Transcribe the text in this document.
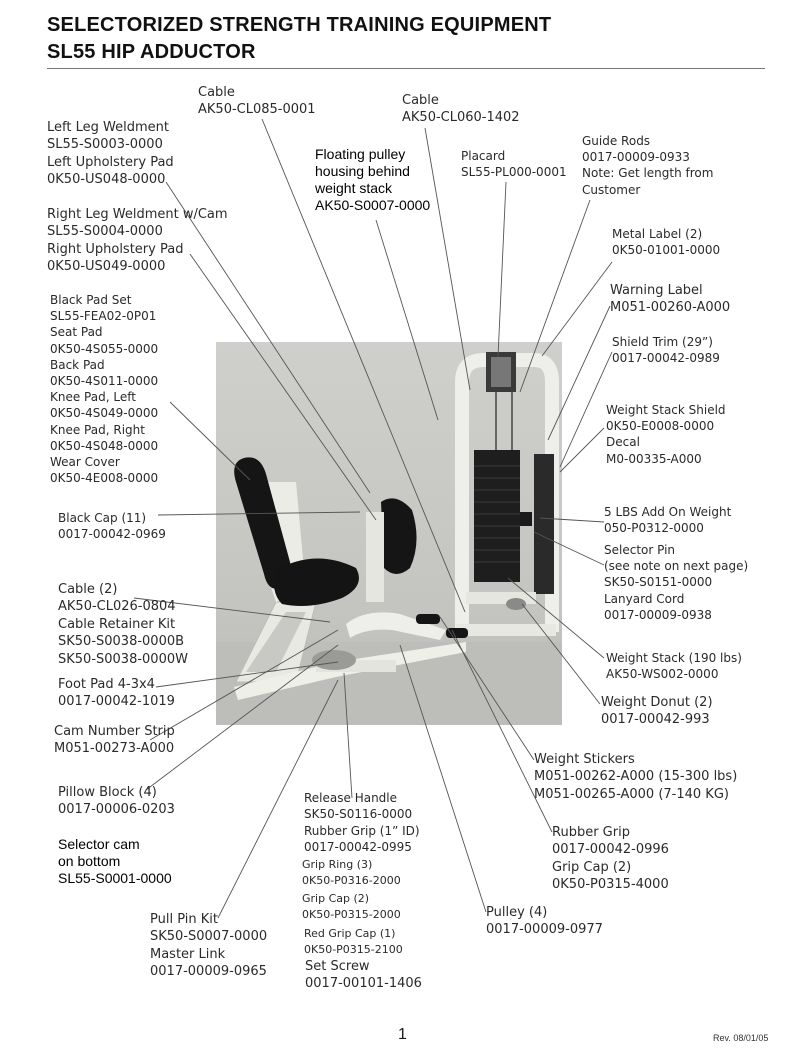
SELECTORIZED STRENGTH TRAINING EQUIPMENT
SL55 HIP ADDUCTOR
Cable
AK50-CL085-0001
Cable
AK50-CL060-1402
Left Leg Weldment
SL55-S0003-0000
Left Upholstery Pad
0K50-US048-0000
Floating pulley
housing behind
weight stack
AK50-S0007-0000
Placard
SL55-PL000-0001
Guide Rods
0017-00009-0933
Note: Get length from
Customer
Right Leg Weldment w/Cam
SL55-S0004-0000
Right Upholstery Pad
0K50-US049-0000
Metal Label (2)
0K50-01001-0000
Warning Label
M051-00260-A000
Black Pad Set
SL55-FEA02-0P01
Seat Pad
0K50-4S055-0000
Back Pad
0K50-4S011-0000
Knee Pad, Left
0K50-4S049-0000
Knee Pad, Right
0K50-4S048-0000
Wear Cover
0K50-4E008-0000
Shield Trim (29”)
0017-00042-0989
Weight Stack Shield
0K50-E0008-0000
Decal
M0-00335-A000
Black Cap (11)
0017-00042-0969
5 LBS Add On Weight
050-P0312-0000
Selector Pin
(see note on next page)
SK50-S0151-0000
Lanyard Cord
0017-00009-0938
Cable (2)
AK50-CL026-0804
Cable Retainer Kit
SK50-S0038-0000B
SK50-S0038-0000W	Weight Stack (190 lbs)
AK50-WS002-0000
Foot Pad 4-3x4
0017-00042-1019	Weight Donut (2)
0017-00042-993
Cam Number Strip
M051-00273-A000
Weight Stickers
M051-00262-A000 (15-300 lbs)
M051-00265-A000 (7-140 KG)
Pillow Block (4)
0017-00006-0203
Release Handle
SK50-S0116-0000
Rubber Grip (1” ID)
0017-00042-0995
Selector cam
on bottom
SL55-S0001-0000
Grip Ring (3)
0K50-P0316-2000
Rubber Grip
0017-00042-0996
Grip Cap (2)
0K50-P0315-4000
Grip Cap (2)
0K50-P0315-2000
Pull Pin Kit
SK50-S0007-0000
Master Link
0017-00009-0965
Red Grip Cap (1)
0K50-P0315-2100
Pulley (4)
0017-00009-0977
Set Screw
0017-00101-1406
1	Rev. 08/01/05
